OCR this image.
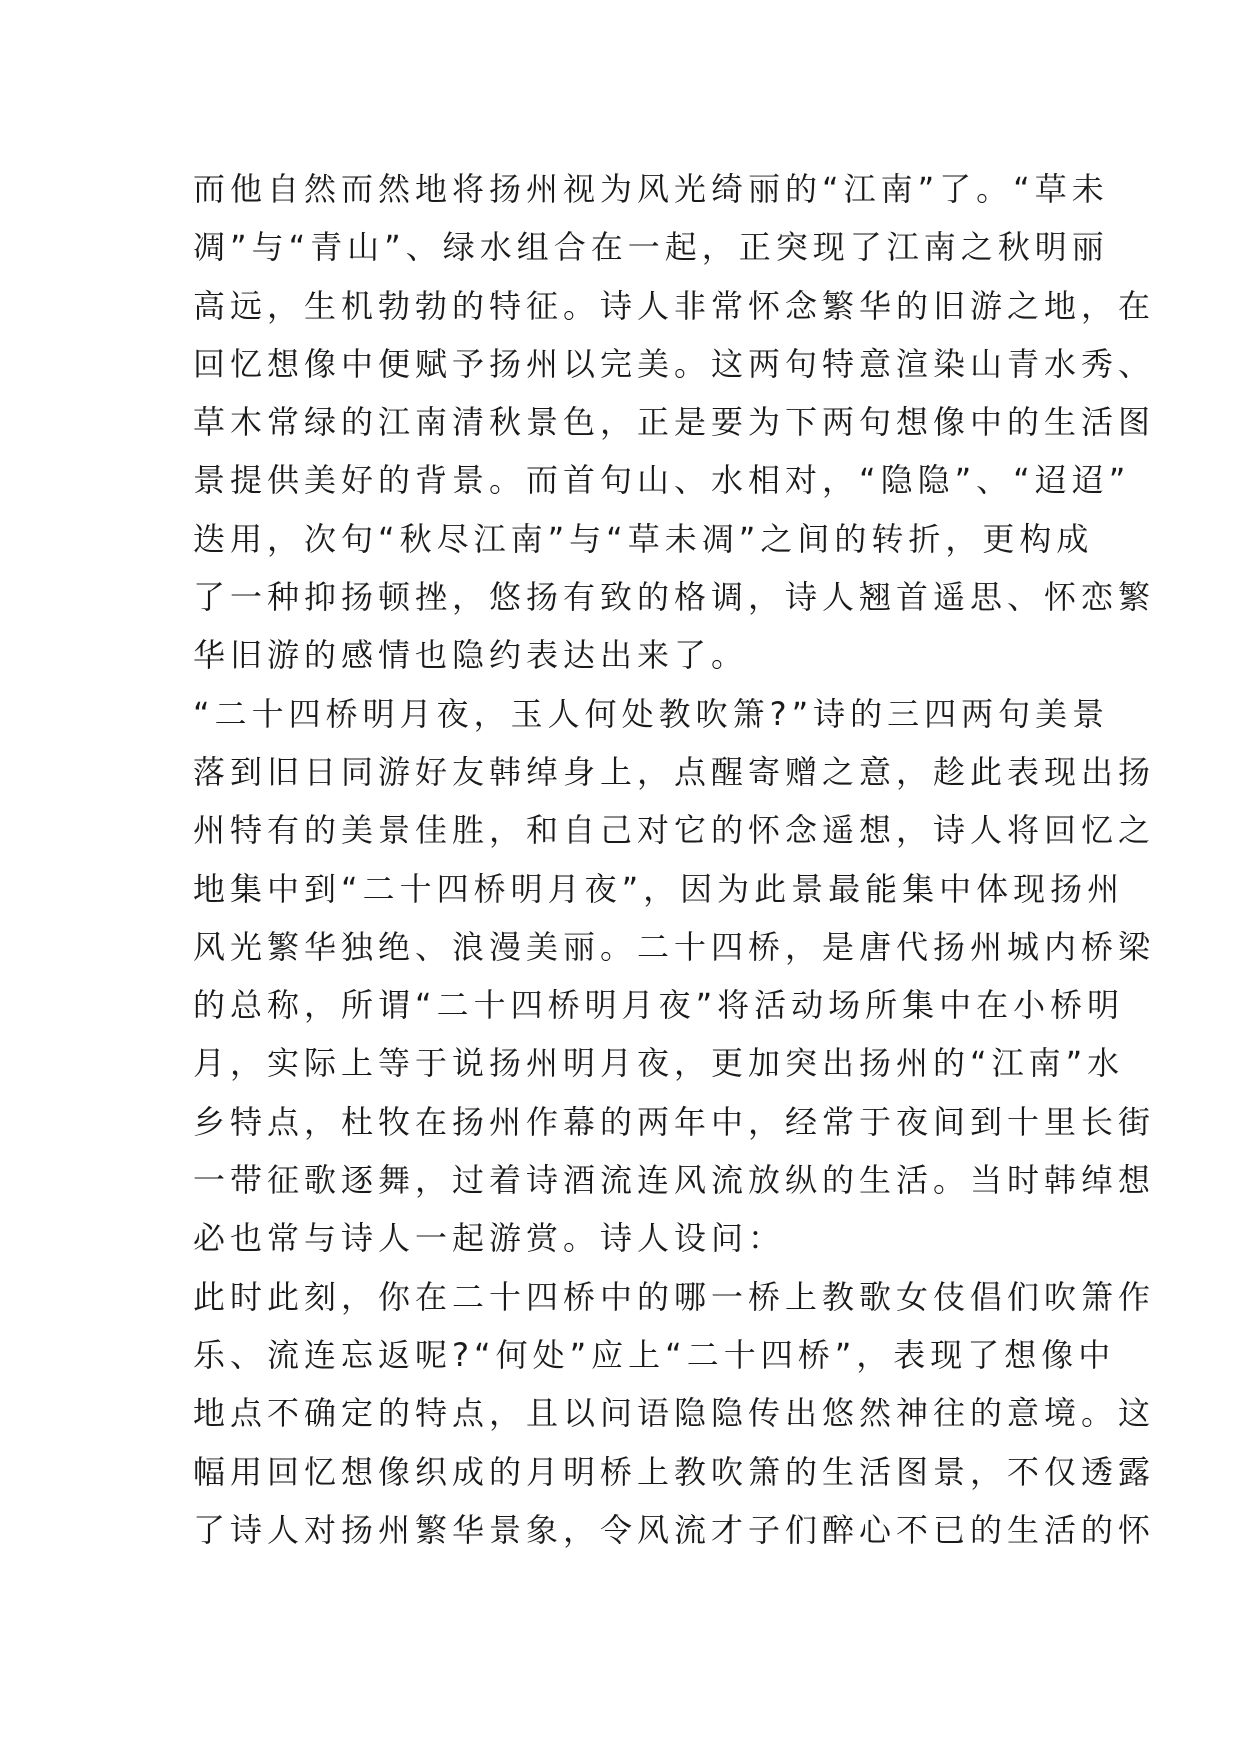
而他自然而然地将扬州视为风光绮丽的“江南”了。“草未
凋”与“青山”、绿水组合在一起，正突现了江南之秋明丽
高远，生机勃勃的特征。诗人非常怀念繁华的旧游之地，在
回忆想像中便赋予扬州以完美。这两句特意渲染山青水秀、
草木常绿的江南清秋景色，正是要为下两句想像中的生活图
景提供美好的背景。而首句山、水相对，“隐隐”、“迢迢”
迭用，次句“秋尽江南”与“草未凋”之间的转折，更构成
了一种抑扬顿挫，悠扬有致的格调，诗人翘首遥思、怀恋繁
华旧游的感情也隐约表达出来了。
“二十四桥明月夜，玉人何处教吹箫?”诗的三四两句美景
落到旧日同游好友韩绰身上，点醒寄赠之意，趁此表现出扬
州特有的美景佳胜，和自己对它的怀念遥想，诗人将回忆之
地集中到“二十四桥明月夜”，因为此景最能集中体现扬州
风光繁华独绝、浪漫美丽。二十四桥，是唐代扬州城内桥梁
的总称，所谓“二十四桥明月夜”将活动场所集中在小桥明
月，实际上等于说扬州明月夜，更加突出扬州的“江南”水
乡特点，杜牧在扬州作幕的两年中，经常于夜间到十里长街
一带征歌逐舞，过着诗酒流连风流放纵的生活。当时韩绰想
必也常与诗人一起游赏。诗人设问：
此时此刻，你在二十四桥中的哪一桥上教歌女伎倡们吹箫作
乐、流连忘返呢?“何处”应上“二十四桥”，表现了想像中
地点不确定的特点，且以问语隐隐传出悠然神往的意境。这
幅用回忆想像织成的月明桥上教吹箫的生活图景，不仅透露
了诗人对扬州繁华景象，令风流才子们醉心不已的生活的怀
